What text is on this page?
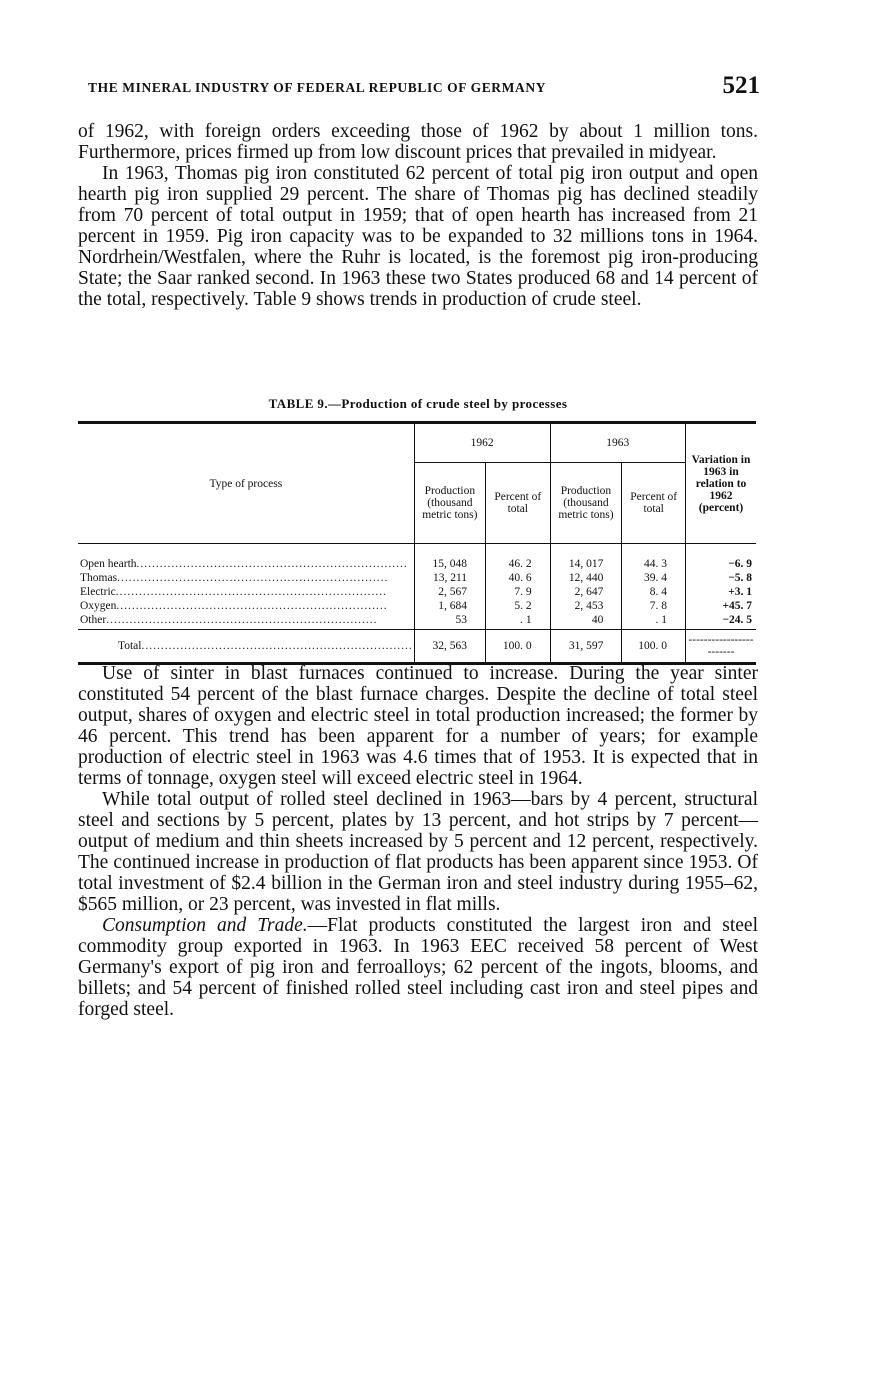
THE MINERAL INDUSTRY OF FEDERAL REPUBLIC OF GERMANY	521

of 1962, with foreign orders exceeding those of 1962 by about 1 million tons. Furthermore, prices firmed up from low discount prices that prevailed in midyear.

In 1963, Thomas pig iron constituted 62 percent of total pig iron output and open hearth pig iron supplied 29 percent. The share of Thomas pig has declined steadily from 70 percent of total output in 1959; that of open hearth has increased from 21 percent in 1959. Pig iron capacity was to be expanded to 32 millions tons in 1964. Nordrhein/Westfalen, where the Ruhr is located, is the foremost pig iron-producing State; the Saar ranked second. In 1963 these two States produced 68 and 14 percent of the total, respectively. Table 9 shows trends in production of crude steel.

TABLE 9.—Production of crude steel by processes
Type of process	1962		1963		Variation in 1963 in relation to 1962 (percent)
	Production (thousand metric tons)	Percent of total	Production (thousand metric tons)	Percent of total	
Open hearth .....	15, 048	46. 2	14, 017	44. 3	−6. 9
Thomas .....	13, 211	40. 6	12, 440	39. 4	−5. 8
Electric .....	2, 567	7. 9	2, 647	8. 4	+3. 1
Oxygen .....	1, 684	5. 2	2, 453	7. 8	+45. 7
Other .....	53	. 1	40	. 1	−24. 5
Total .....	32, 563	100. 0	31, 597	100. 0	-----

Use of sinter in blast furnaces continued to increase. During the year sinter constituted 54 percent of the blast furnace charges. Despite the decline of total steel output, shares of oxygen and electric steel in total production increased; the former by 46 percent. This trend has been apparent for a number of years; for example production of electric steel in 1963 was 4.6 times that of 1953. It is expected that in terms of tonnage, oxygen steel will exceed electric steel in 1964.

While total output of rolled steel declined in 1963—bars by 4 percent, structural steel and sections by 5 percent, plates by 13 percent, and hot strips by 7 percent—output of medium and thin sheets increased by 5 percent and 12 percent, respectively. The continued increase in production of flat products has been apparent since 1953. Of total investment of $2.4 billion in the German iron and steel industry during 1955–62, $565 million, or 23 percent, was invested in flat mills.

Consumption and Trade.—Flat products constituted the largest iron and steel commodity group exported in 1963. In 1963 EEC received 58 percent of West Germany's export of pig iron and ferroalloys; 62 percent of the ingots, blooms, and billets; and 54 percent of finished rolled steel including cast iron and steel pipes and forged steel.
